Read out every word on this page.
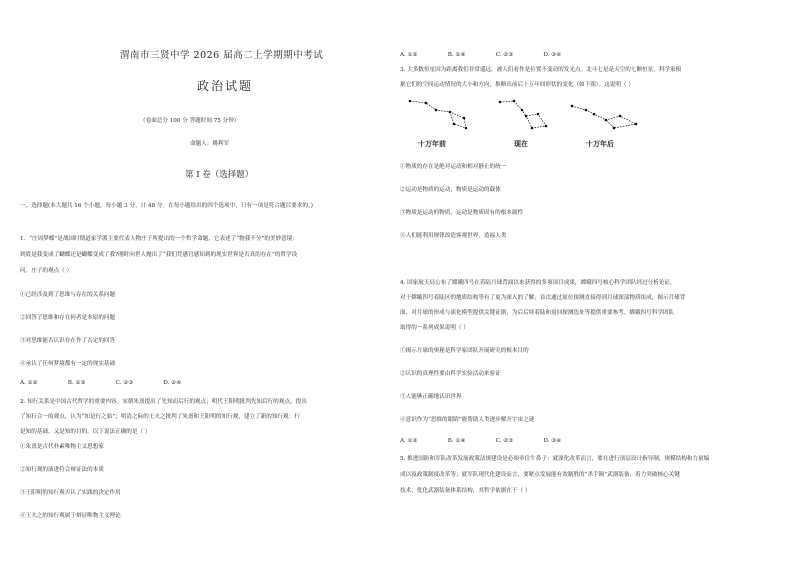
渭南市三贤中学 2026 届高二上学期期中考试
政治试题
（卷面总分 100 分 答题时间 75 分钟）
命题人：姚利军
第 I 卷（选择题）
一、选择题(本大题共 16 个小题，每小题 3 分，计 48 分。在每小题给出的四个选项中，只有一项是符合题目要求的。)
1．“庄周梦蝶”是战国时期道家学派主要代表人物庄子所提出的一个哲学命题，它表述了“物我不分”的美妙意境：
到底是我变成了蝴蝶还是蝴蝶变成了我?刚时向世人抛出了“我们凭感官感知到的现实世界是否真的存在”的哲学设
问。庄子的观点（ ）
①已经涉及到了思维与存在的关系问题
②回答了思维和存在何者是本原的问题
③对思维能否认识存在作了否定的回答
④承认了任何梦境都有一定的现实基础
A. ①②	B. ①③	C. ②③	D. ②④
2. 知行关系是中国古代哲学的重要内容。宋朝朱熹提出了先知而后行的观点；明代王阳明批判先知后行的观点，提出
了知行合一的观点，认为“知是行之始”；明清之际的王夫之批判了朱熹和王阳明的知行观，建立了新的知行观：行
是知的基础，又是知的目的。以下说法正确的是（ ）
①朱熹是古代朴素唯物主义思想家
②知行观的演进符合辩证法的本质
③王阳明的知行观否认了实践的决定作用
④王夫之的知行观属于辩证唯物主义理论
A. ①②	B. ①④	C. ②③	D. ③④
3. 大多数恒星因为距离我们非常遥远，被人们看作是位置不变动的发光点。北斗七星是天空的七颗恒星，科学家根
据它们的空间运动情况的大小和方向，推断出前后十万年间形状的变化（如下图）。这说明（ ）
十万年前	现在	十万年后
①物质的存在是绝对运动和相对静止的统一
②运动是物质的运动，物质是运动的载体
③物质是运动的物质，运动是物质固有的根本属性
④人们能利用规律改造客观世界，造福人类
4. 国家航天局公布了嫦娥四号在着陆月球背面以来获得的多项项目成果，嫦娥四号核心科学团队经过分析论证，
对于嫦娥四号着陆区的地质结构等有了更为深入的了解，首次通过原位探测直接得到月球深部物质组成，揭示月球背
面，对月球的形成与演化模型提供关键证据，为后后续着陆和返回探测选址等提供重要参考。嫦娥四号科学团队
取得的一系列成果说明（ ）
①揭示月球的奥秘是科学家团队开展研究的根本目的
②认识的真理性要由科学实验活动来验证
③人能够正确地认识世界
④意识作为“思维的眼睛”能帮助人类逐步解开宇宙之谜
A. ①②	B. ①④	C. ②③	D. ③④
5. 推进国防和军队改革发展政策法规建设是必须牵住牛鼻子：就深化改革而言，要在进行顶层设计指导制，规模结构和力量编
成以及政策制度改革等；就军队现代化建设而言，要紧点发展能有效制胜的“杀手锏”武器装备，着力突破核心关键
技术，优化武器装备体系结构，其哲学依据在于（ ）
